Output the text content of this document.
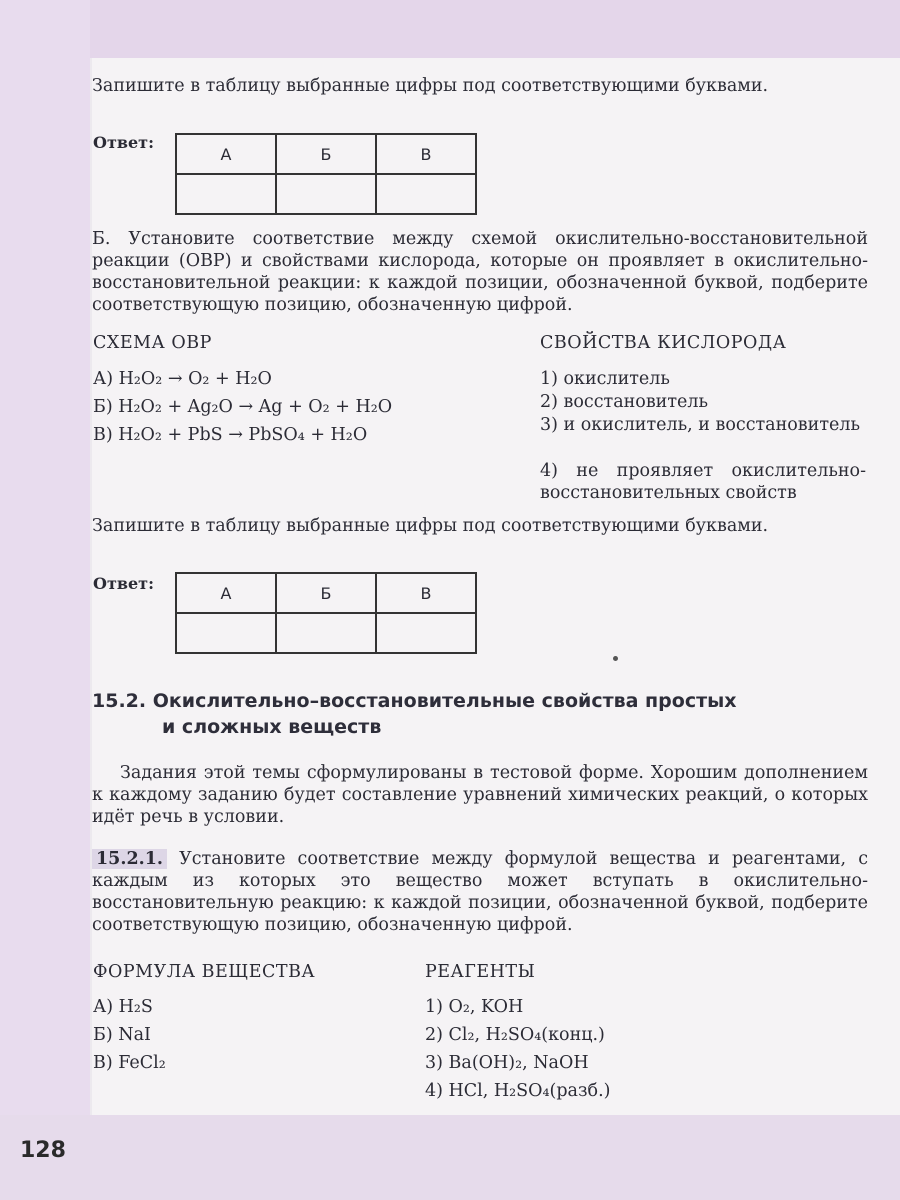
Запишите в таблицу выбранные цифры под соответствующими буквами.
Ответ:
А	Б	В

Б. Установите соответствие между схемой окислительно-восстановительной реакции (ОВР) и свойствами кислорода, которые он проявляет в окислительно-восстановительной реакции: к каждой позиции, обозначенной буквой, подберите соответствующую позицию, обозначенную цифрой.
СХЕМА ОВР	СВОЙСТВА КИСЛОРОДА
А) H₂O₂ → O₂ + H₂O
Б) H₂O₂ + Ag₂O → Ag + O₂ + H₂O
В) H₂O₂ + PbS → PbSO₄ + H₂O
1) окислитель
2) восстановитель
3) и окислитель, и восстановитель
4) не проявляет окислительно-восстановительных свойств
Запишите в таблицу выбранные цифры под соответствующими буквами.
Ответ:	А	Б	В

15.2. Окислительно–восстановительные свойства простых
и сложных веществ
Задания этой темы сформулированы в тестовой форме. Хорошим дополнением к каждому заданию будет составление уравнений химических реакций, о которых идёт речь в условии.
15.2.1. Установите соответствие между формулой вещества и реагентами, с каждым из которых это вещество может вступать в окислительно-восстановительную реакцию: к каждой позиции, обозначенной буквой, подберите соответствующую позицию, обозначенную цифрой.
ФОРМУЛА ВЕЩЕСТВА	РЕАГЕНТЫ
А) H₂S
Б) NaI
В) FeCl₂
1) O₂, KOH
2) Cl₂, H₂SO₄(конц.)
3) Ba(OH)₂, NaOH
4) HCl, H₂SO₄(разб.)
128
